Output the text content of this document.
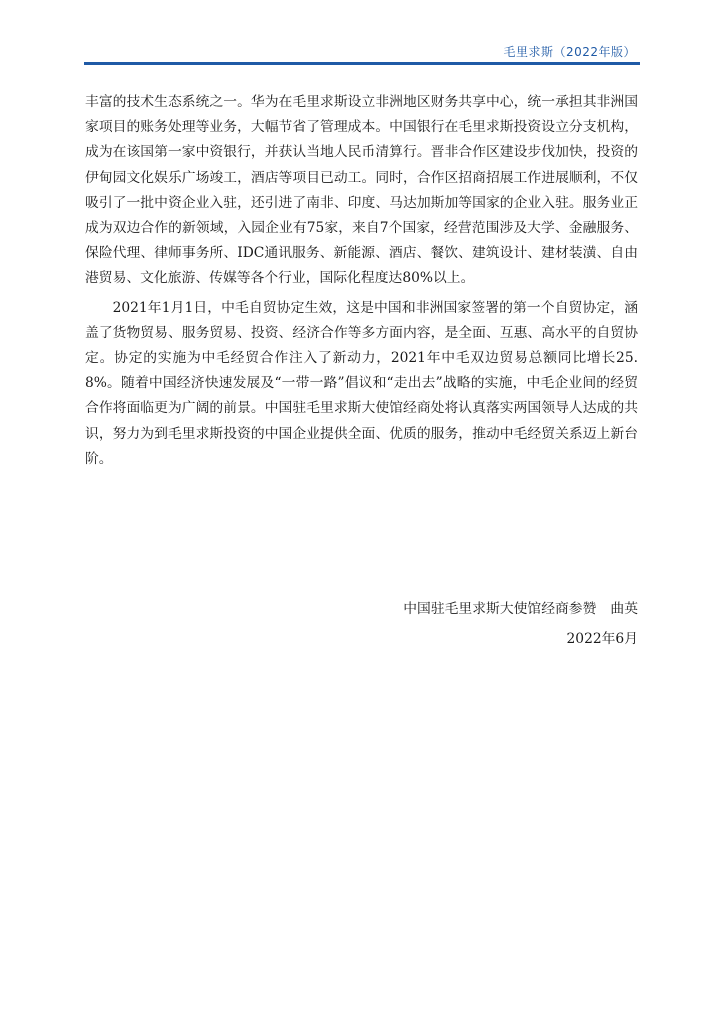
毛里求斯（2022年版）

丰富的技术生态系统之一。华为在毛里求斯设立非洲地区财务共享中心，统一承担其非洲国家项目的账务处理等业务，大幅节省了管理成本。中国银行在毛里求斯投资设立分支机构，成为在该国第一家中资银行，并获认当地人民币清算行。晋非合作区建设步伐加快，投资的伊甸园文化娱乐广场竣工，酒店等项目已动工。同时，合作区招商招展工作进展顺利，不仅吸引了一批中资企业入驻，还引进了南非、印度、马达加斯加等国家的企业入驻。服务业正成为双边合作的新领域，入园企业有75家，来自7个国家，经营范围涉及大学、金融服务、保险代理、律师事务所、IDC通讯服务、新能源、酒店、餐饮、建筑设计、建材装潢、自由港贸易、文化旅游、传媒等各个行业，国际化程度达80%以上。

2021年1月1日，中毛自贸协定生效，这是中国和非洲国家签署的第一个自贸协定，涵盖了货物贸易、服务贸易、投资、经济合作等多方面内容，是全面、互惠、高水平的自贸协定。协定的实施为中毛经贸合作注入了新动力，2021年中毛双边贸易总额同比增长25.8%。随着中国经济快速发展及“一带一路”倡议和“走出去”战略的实施，中毛企业间的经贸合作将面临更为广阔的前景。中国驻毛里求斯大使馆经商处将认真落实两国领导人达成的共识，努力为到毛里求斯投资的中国企业提供全面、优质的服务，推动中毛经贸关系迈上新台阶。

中国驻毛里求斯大使馆经商参赞 曲英
2022年6月
